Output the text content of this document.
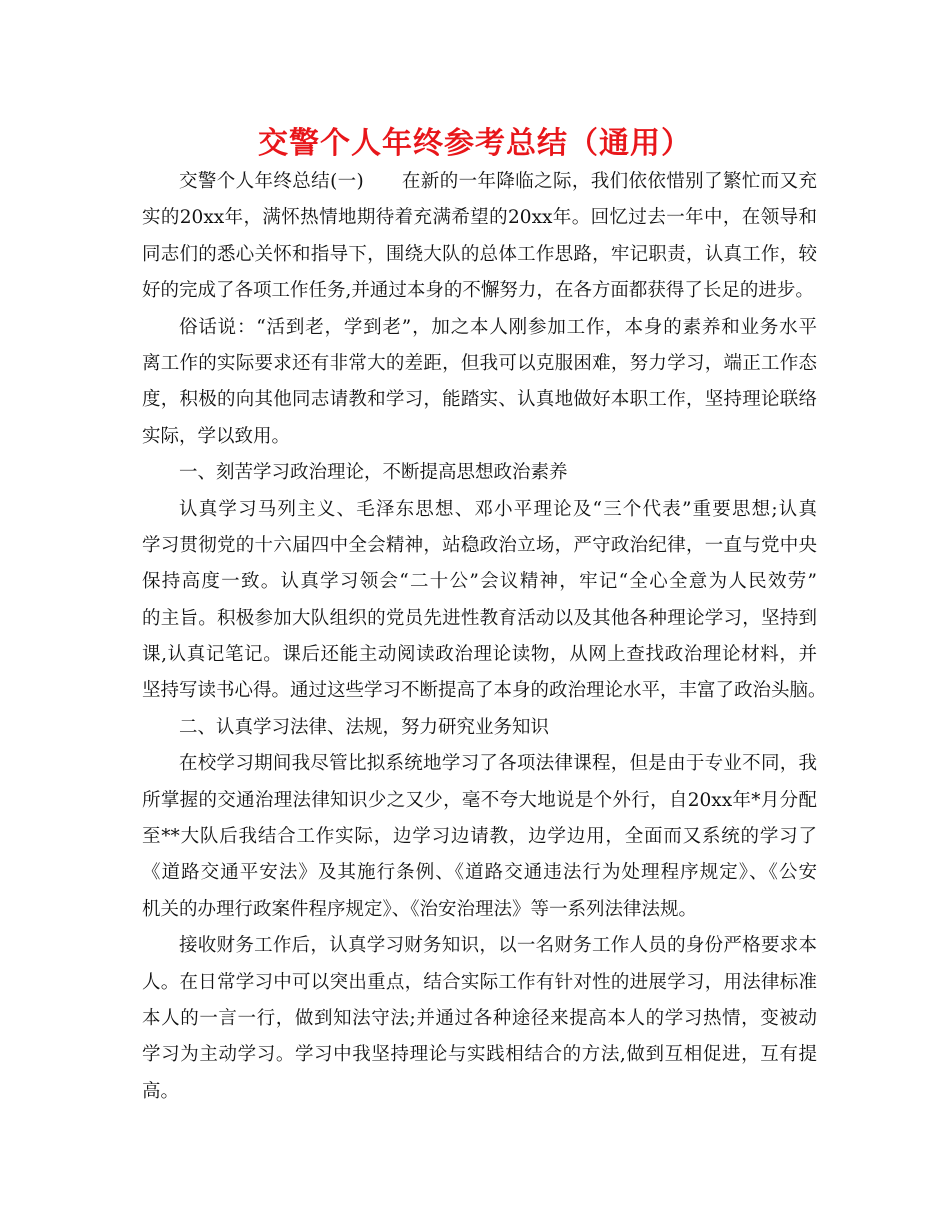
交警个人年终参考总结（通用）
交警个人年终总结(一)　　在新的一年降临之际，我们依依惜别了繁忙而又充
实的20xx年，满怀热情地期待着充满希望的20xx年。回忆过去一年中，在领导和
同志们的悉心关怀和指导下，围绕大队的总体工作思路，牢记职责，认真工作，较
好的完成了各项工作任务,并通过本身的不懈努力，在各方面都获得了长足的进步。
俗话说：“活到老，学到老”，加之本人刚参加工作，本身的素养和业务水平
离工作的实际要求还有非常大的差距，但我可以克服困难，努力学习，端正工作态
度，积极的向其他同志请教和学习，能踏实、认真地做好本职工作，坚持理论联络
实际，学以致用。
一、刻苦学习政治理论，不断提高思想政治素养
认真学习马列主义、毛泽东思想、邓小平理论及“三个代表”重要思想;认真
学习贯彻党的十六届四中全会精神，站稳政治立场，严守政治纪律，一直与党中央
保持高度一致。认真学习领会“二十公”会议精神，牢记“全心全意为人民效劳”
的主旨。积极参加大队组织的党员先进性教育活动以及其他各种理论学习，坚持到
课,认真记笔记。课后还能主动阅读政治理论读物，从网上查找政治理论材料，并
坚持写读书心得。通过这些学习不断提高了本身的政治理论水平，丰富了政治头脑。
二、认真学习法律、法规，努力研究业务知识
在校学习期间我尽管比拟系统地学习了各项法律课程，但是由于专业不同，我
所掌握的交通治理法律知识少之又少，毫不夸大地说是个外行，自20xx年*月分配
至**大队后我结合工作实际，边学习边请教，边学边用，全面而又系统的学习了
《道路交通平安法》及其施行条例、《道路交通违法行为处理程序规定》、《公安
机关的办理行政案件程序规定》、《治安治理法》等一系列法律法规。
接收财务工作后，认真学习财务知识，以一名财务工作人员的身份严格要求本
人。在日常学习中可以突出重点，结合实际工作有针对性的进展学习，用法律标准
本人的一言一行，做到知法守法;并通过各种途径来提高本人的学习热情，变被动
学习为主动学习。学习中我坚持理论与实践相结合的方法,做到互相促进，互有提
高。
